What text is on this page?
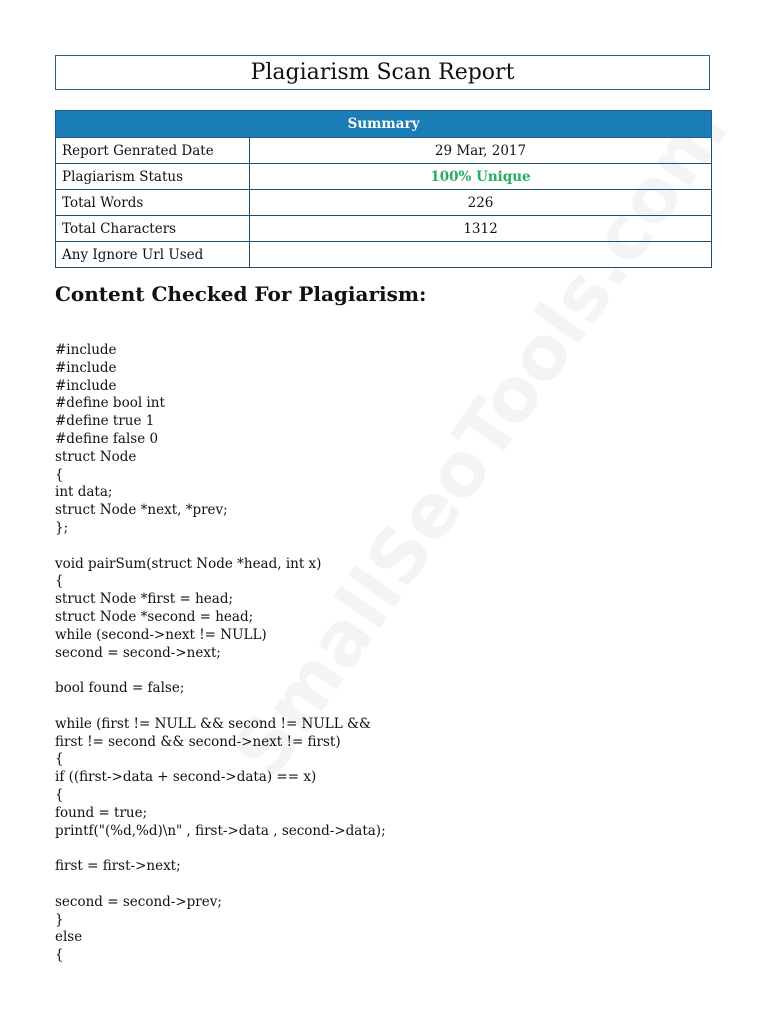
Plagiarism Scan Report
Summary	
Report Genrated Date	29 Mar, 2017
Plagiarism Status	100% Unique
Total Words	226
Total Characters	1312
Any Ignore Url Used	
Content Checked For Plagiarism:
#include
#include
#include
#define bool int
#define true 1
#define false 0
struct Node
{
int data;
struct Node *next, *prev;
};
void pairSum(struct Node *head, int x)
{
struct Node *first = head;
struct Node *second = head;
while (second->next != NULL)
second = second->next;
bool found = false;
while (first != NULL && second != NULL &&
first != second && second->next != first)
{
if ((first->data + second->data) == x)
{
found = true;
printf("(%d,%d)\n" , first->data , second->data);
first = first->next;
second = second->prev;
}
else
{
